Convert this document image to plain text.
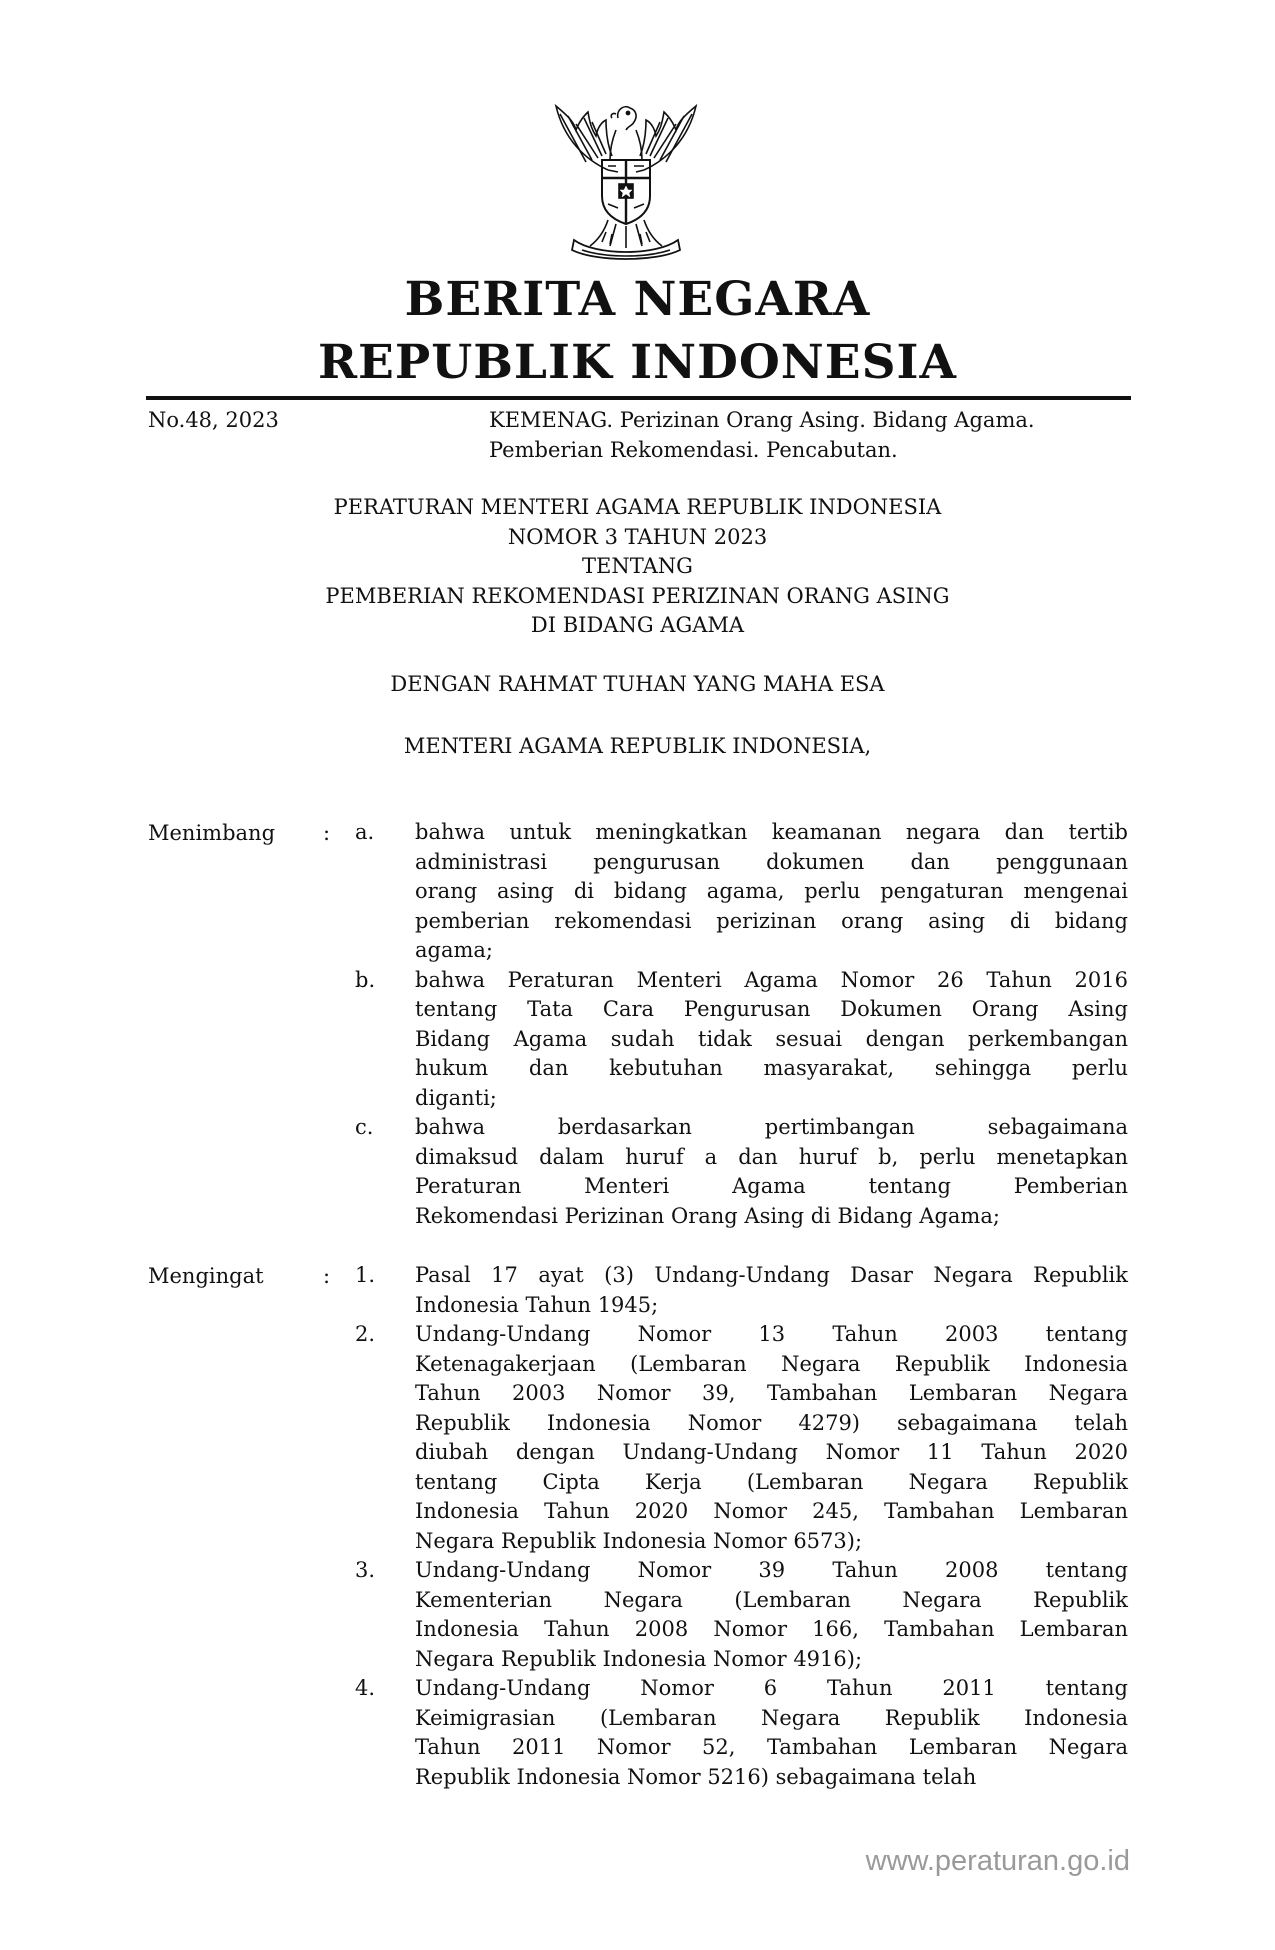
BERITA NEGARA
REPUBLIK INDONESIA
No.48, 2023	KEMENAG. Perizinan Orang Asing. Bidang Agama.
Pemberian Rekomendasi. Pencabutan.
PERATURAN MENTERI AGAMA REPUBLIK INDONESIA
NOMOR 3 TAHUN 2023
TENTANG
PEMBERIAN REKOMENDASI PERIZINAN ORANG ASING
DI BIDANG AGAMA
DENGAN RAHMAT TUHAN YANG MAHA ESA
MENTERI AGAMA REPUBLIK INDONESIA,
Menimbang : a. bahwa untuk meningkatkan keamanan negara dan tertib
administrasi pengurusan dokumen dan penggunaan
orang asing di bidang agama, perlu pengaturan mengenai
pemberian rekomendasi perizinan orang asing di bidang
agama;
b. bahwa Peraturan Menteri Agama Nomor 26 Tahun 2016
tentang Tata Cara Pengurusan Dokumen Orang Asing
Bidang Agama sudah tidak sesuai dengan perkembangan
hukum dan kebutuhan masyarakat, sehingga perlu
diganti;
c. bahwa berdasarkan pertimbangan sebagaimana
dimaksud dalam huruf a dan huruf b, perlu menetapkan
Peraturan Menteri Agama tentang Pemberian
Rekomendasi Perizinan Orang Asing di Bidang Agama;
Mengingat	: 1. Pasal 17 ayat (3) Undang-Undang Dasar Negara Republik
Indonesia Tahun 1945;
2. Undang-Undang Nomor 13 Tahun 2003 tentang
Ketenagakerjaan (Lembaran Negara Republik Indonesia
Tahun 2003 Nomor 39, Tambahan Lembaran Negara
Republik Indonesia Nomor 4279) sebagaimana telah
diubah dengan Undang-Undang Nomor 11 Tahun 2020
tentang Cipta Kerja (Lembaran Negara Republik
Indonesia Tahun 2020 Nomor 245, Tambahan Lembaran
Negara Republik Indonesia Nomor 6573);
3. Undang-Undang Nomor 39 Tahun 2008 tentang
Kementerian Negara (Lembaran Negara Republik
Indonesia Tahun 2008 Nomor 166, Tambahan Lembaran
Negara Republik Indonesia Nomor 4916);
4. Undang-Undang Nomor 6 Tahun 2011 tentang
Keimigrasian (Lembaran Negara Republik Indonesia
Tahun 2011 Nomor 52, Tambahan Lembaran Negara
Republik Indonesia Nomor 5216) sebagaimana telah
www.peraturan.go.id
